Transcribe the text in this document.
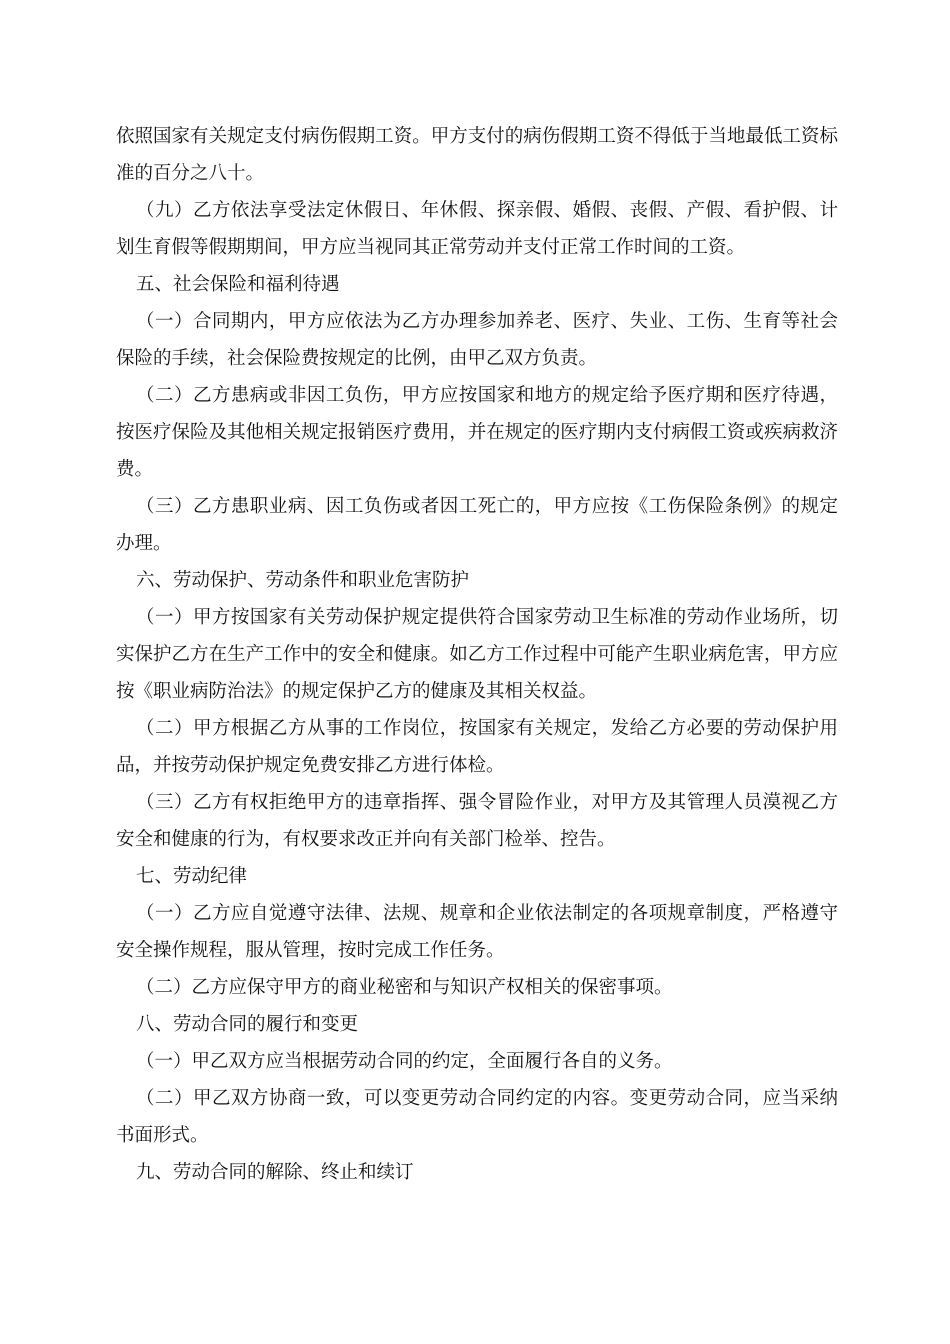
依照国家有关规定支付病伤假期工资。甲方支付的病伤假期工资不得低于当地最低工资标准的百分之八十。

（九）乙方依法享受法定休假日、年休假、探亲假、婚假、丧假、产假、看护假、计划生育假等假期期间，甲方应当视同其正常劳动并支付正常工作时间的工资。

五、社会保险和福利待遇

（一）合同期内，甲方应依法为乙方办理参加养老、医疗、失业、工伤、生育等社会保险的手续，社会保险费按规定的比例，由甲乙双方负责。

（二）乙方患病或非因工负伤，甲方应按国家和地方的规定给予医疗期和医疗待遇，按医疗保险及其他相关规定报销医疗费用，并在规定的医疗期内支付病假工资或疾病救济费。

（三）乙方患职业病、因工负伤或者因工死亡的，甲方应按《工伤保险条例》的规定办理。

六、劳动保护、劳动条件和职业危害防护

（一）甲方按国家有关劳动保护规定提供符合国家劳动卫生标准的劳动作业场所，切实保护乙方在生产工作中的安全和健康。如乙方工作过程中可能产生职业病危害，甲方应按《职业病防治法》的规定保护乙方的健康及其相关权益。

（二）甲方根据乙方从事的工作岗位，按国家有关规定，发给乙方必要的劳动保护用品，并按劳动保护规定免费安排乙方进行体检。

（三）乙方有权拒绝甲方的违章指挥、强令冒险作业，对甲方及其管理人员漠视乙方安全和健康的行为，有权要求改正并向有关部门检举、控告。

七、劳动纪律

（一）乙方应自觉遵守法律、法规、规章和企业依法制定的各项规章制度，严格遵守安全操作规程，服从管理，按时完成工作任务。

（二）乙方应保守甲方的商业秘密和与知识产权相关的保密事项。

八、劳动合同的履行和变更

（一）甲乙双方应当根据劳动合同的约定，全面履行各自的义务。

（二）甲乙双方协商一致，可以变更劳动合同约定的内容。变更劳动合同，应当采纳书面形式。

九、劳动合同的解除、终止和续订
